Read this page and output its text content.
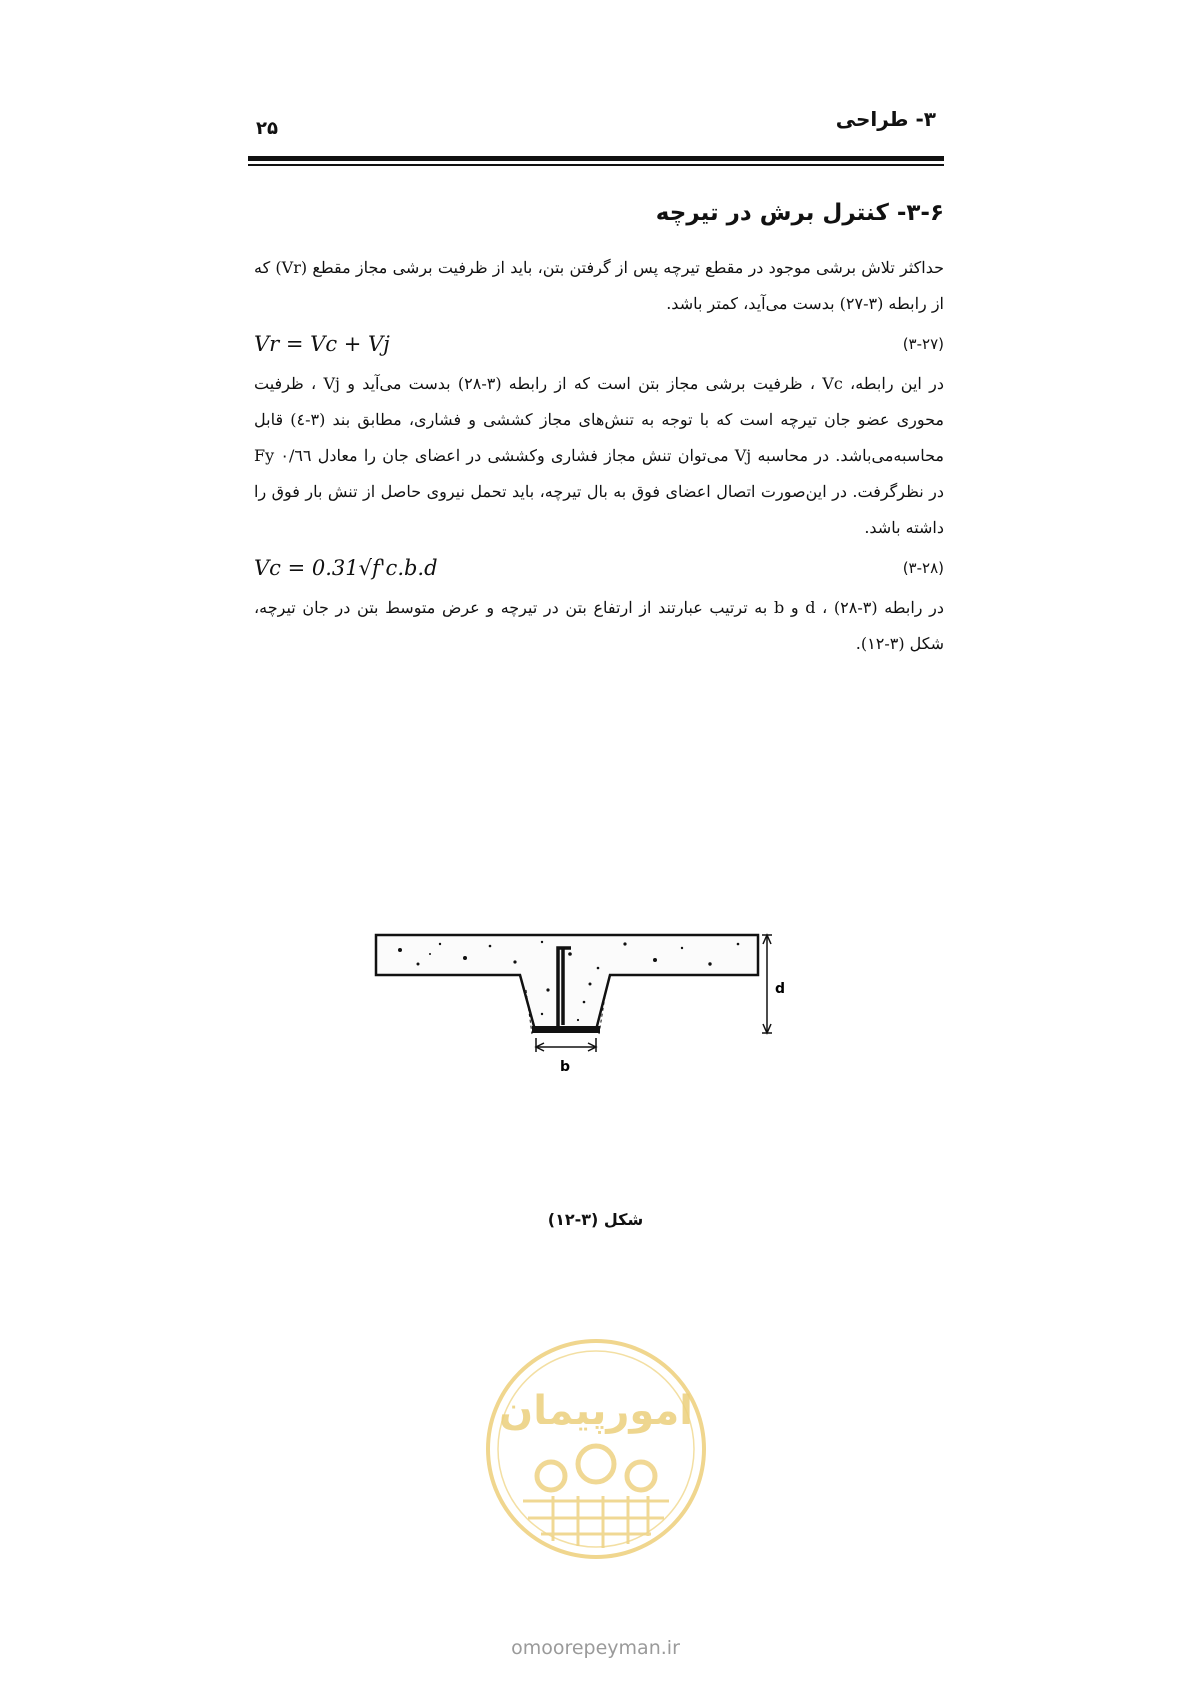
۳- طراحی
۲۵
۳-۶- کنترل برش در تیرچه

حداکثر تلاش برشی موجود در مقطع تیرچه پس از گرفتن بتن، باید از ظرفیت برشی مجاز مقطع (Vr) که از رابطه (۳-۲۷) بدست می‌آید، کمتر باشد.

Vr = Vc + Vj	(۳-۲۷)

در این رابطه، Vc ، ظرفیت برشی مجاز بتن است که از رابطه (۳-۲۸) بدست می‌آید و Vj ، ظرفیت محوری عضو جان تیرچه است که با توجه به تنش‌های مجاز کششی و فشاری، مطابق بند (۳-٤) قابل محاسبه‌می‌باشد. در محاسبه Vj می‌توان تنش مجاز فشاری وکششی در اعضای جان را معادل ۰/٦٦ Fy در نظرگرفت. در این‌صورت اتصال اعضای فوق به بال تیرچه، باید تحمل نیروی حاصل از تنش بار فوق را داشته باشد.

Vc = 0.31√f'c.b.d	(۳-۲۸)

در رابطه (۳-۲۸) ، d و b به ترتیب عبارتند از ارتفاع بتن در تیرچه و عرض متوسط بتن در جان تیرچه، شکل (۳-۱۲).

d
b
شکل (۳-۱۲)
امورپیمان
omoorepeyman.ir
